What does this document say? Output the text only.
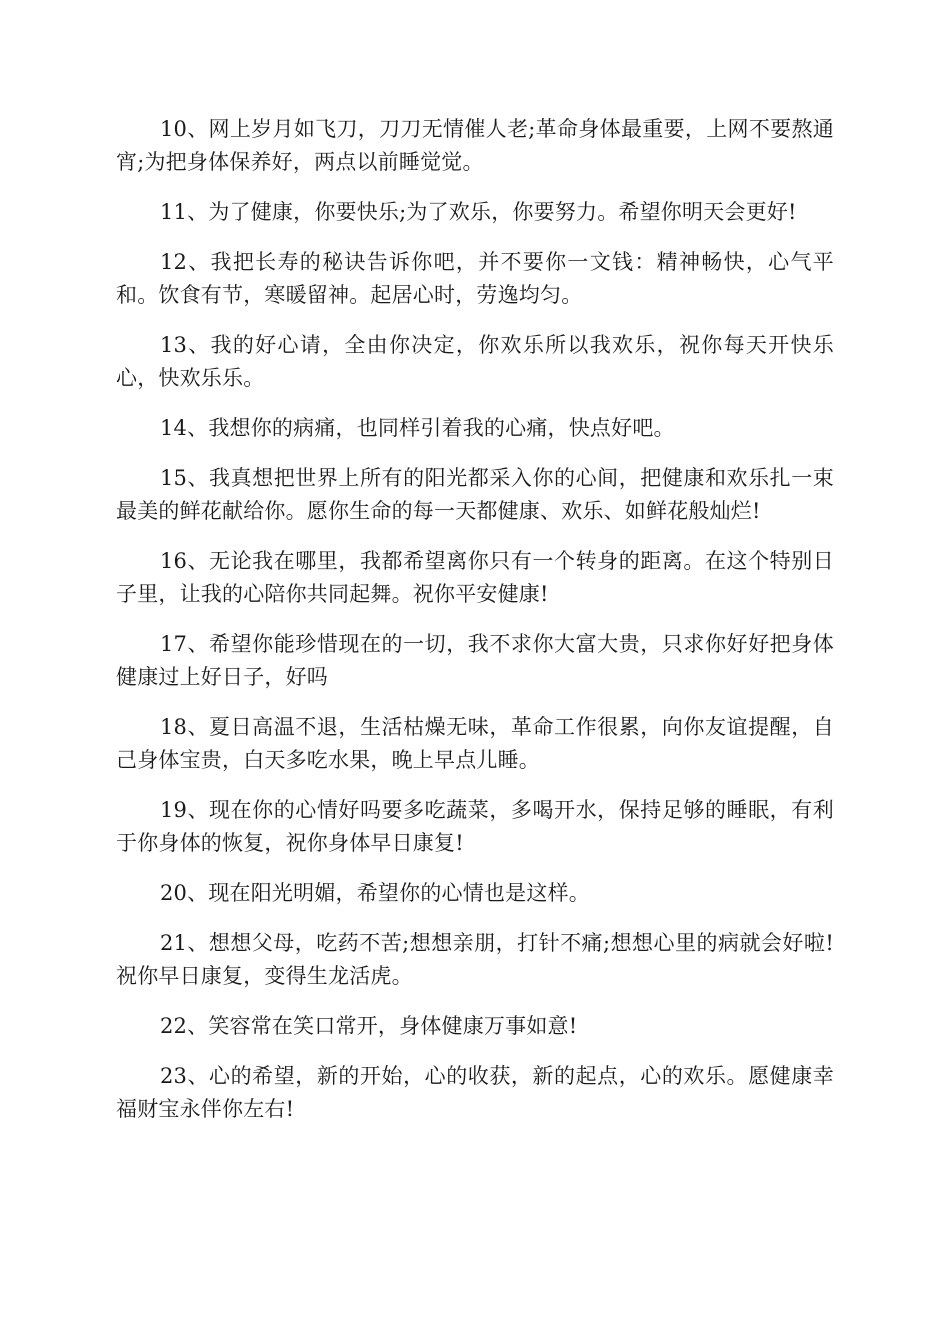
10、网上岁月如飞刀，刀刀无情催人老;革命身体最重要，上网不要熬通宵;为把身体保养好，两点以前睡觉觉。

11、为了健康，你要快乐;为了欢乐，你要努力。希望你明天会更好!

12、我把长寿的秘诀告诉你吧，并不要你一文钱：精神畅快，心气平和。饮食有节，寒暖留神。起居心时，劳逸均匀。

13、我的好心请，全由你决定，你欢乐所以我欢乐，祝你每天开快乐心，快欢乐乐。

14、我想你的病痛，也同样引着我的心痛，快点好吧。

15、我真想把世界上所有的阳光都采入你的心间，把健康和欢乐扎一束最美的鲜花献给你。愿你生命的每一天都健康、欢乐、如鲜花般灿烂!

16、无论我在哪里，我都希望离你只有一个转身的距离。在这个特别日子里，让我的心陪你共同起舞。祝你平安健康!

17、希望你能珍惜现在的一切，我不求你大富大贵，只求你好好把身体健康过上好日子，好吗

18、夏日高温不退，生活枯燥无味，革命工作很累，向你友谊提醒，自己身体宝贵，白天多吃水果，晚上早点儿睡。

19、现在你的心情好吗要多吃蔬菜，多喝开水，保持足够的睡眠，有利于你身体的恢复，祝你身体早日康复!

20、现在阳光明媚，希望你的心情也是这样。

21、想想父母，吃药不苦;想想亲朋，打针不痛;想想心里的病就会好啦!祝你早日康复，变得生龙活虎。

22、笑容常在笑口常开，身体健康万事如意!

23、心的希望，新的开始，心的收获，新的起点，心的欢乐。愿健康幸福财宝永伴你左右!
